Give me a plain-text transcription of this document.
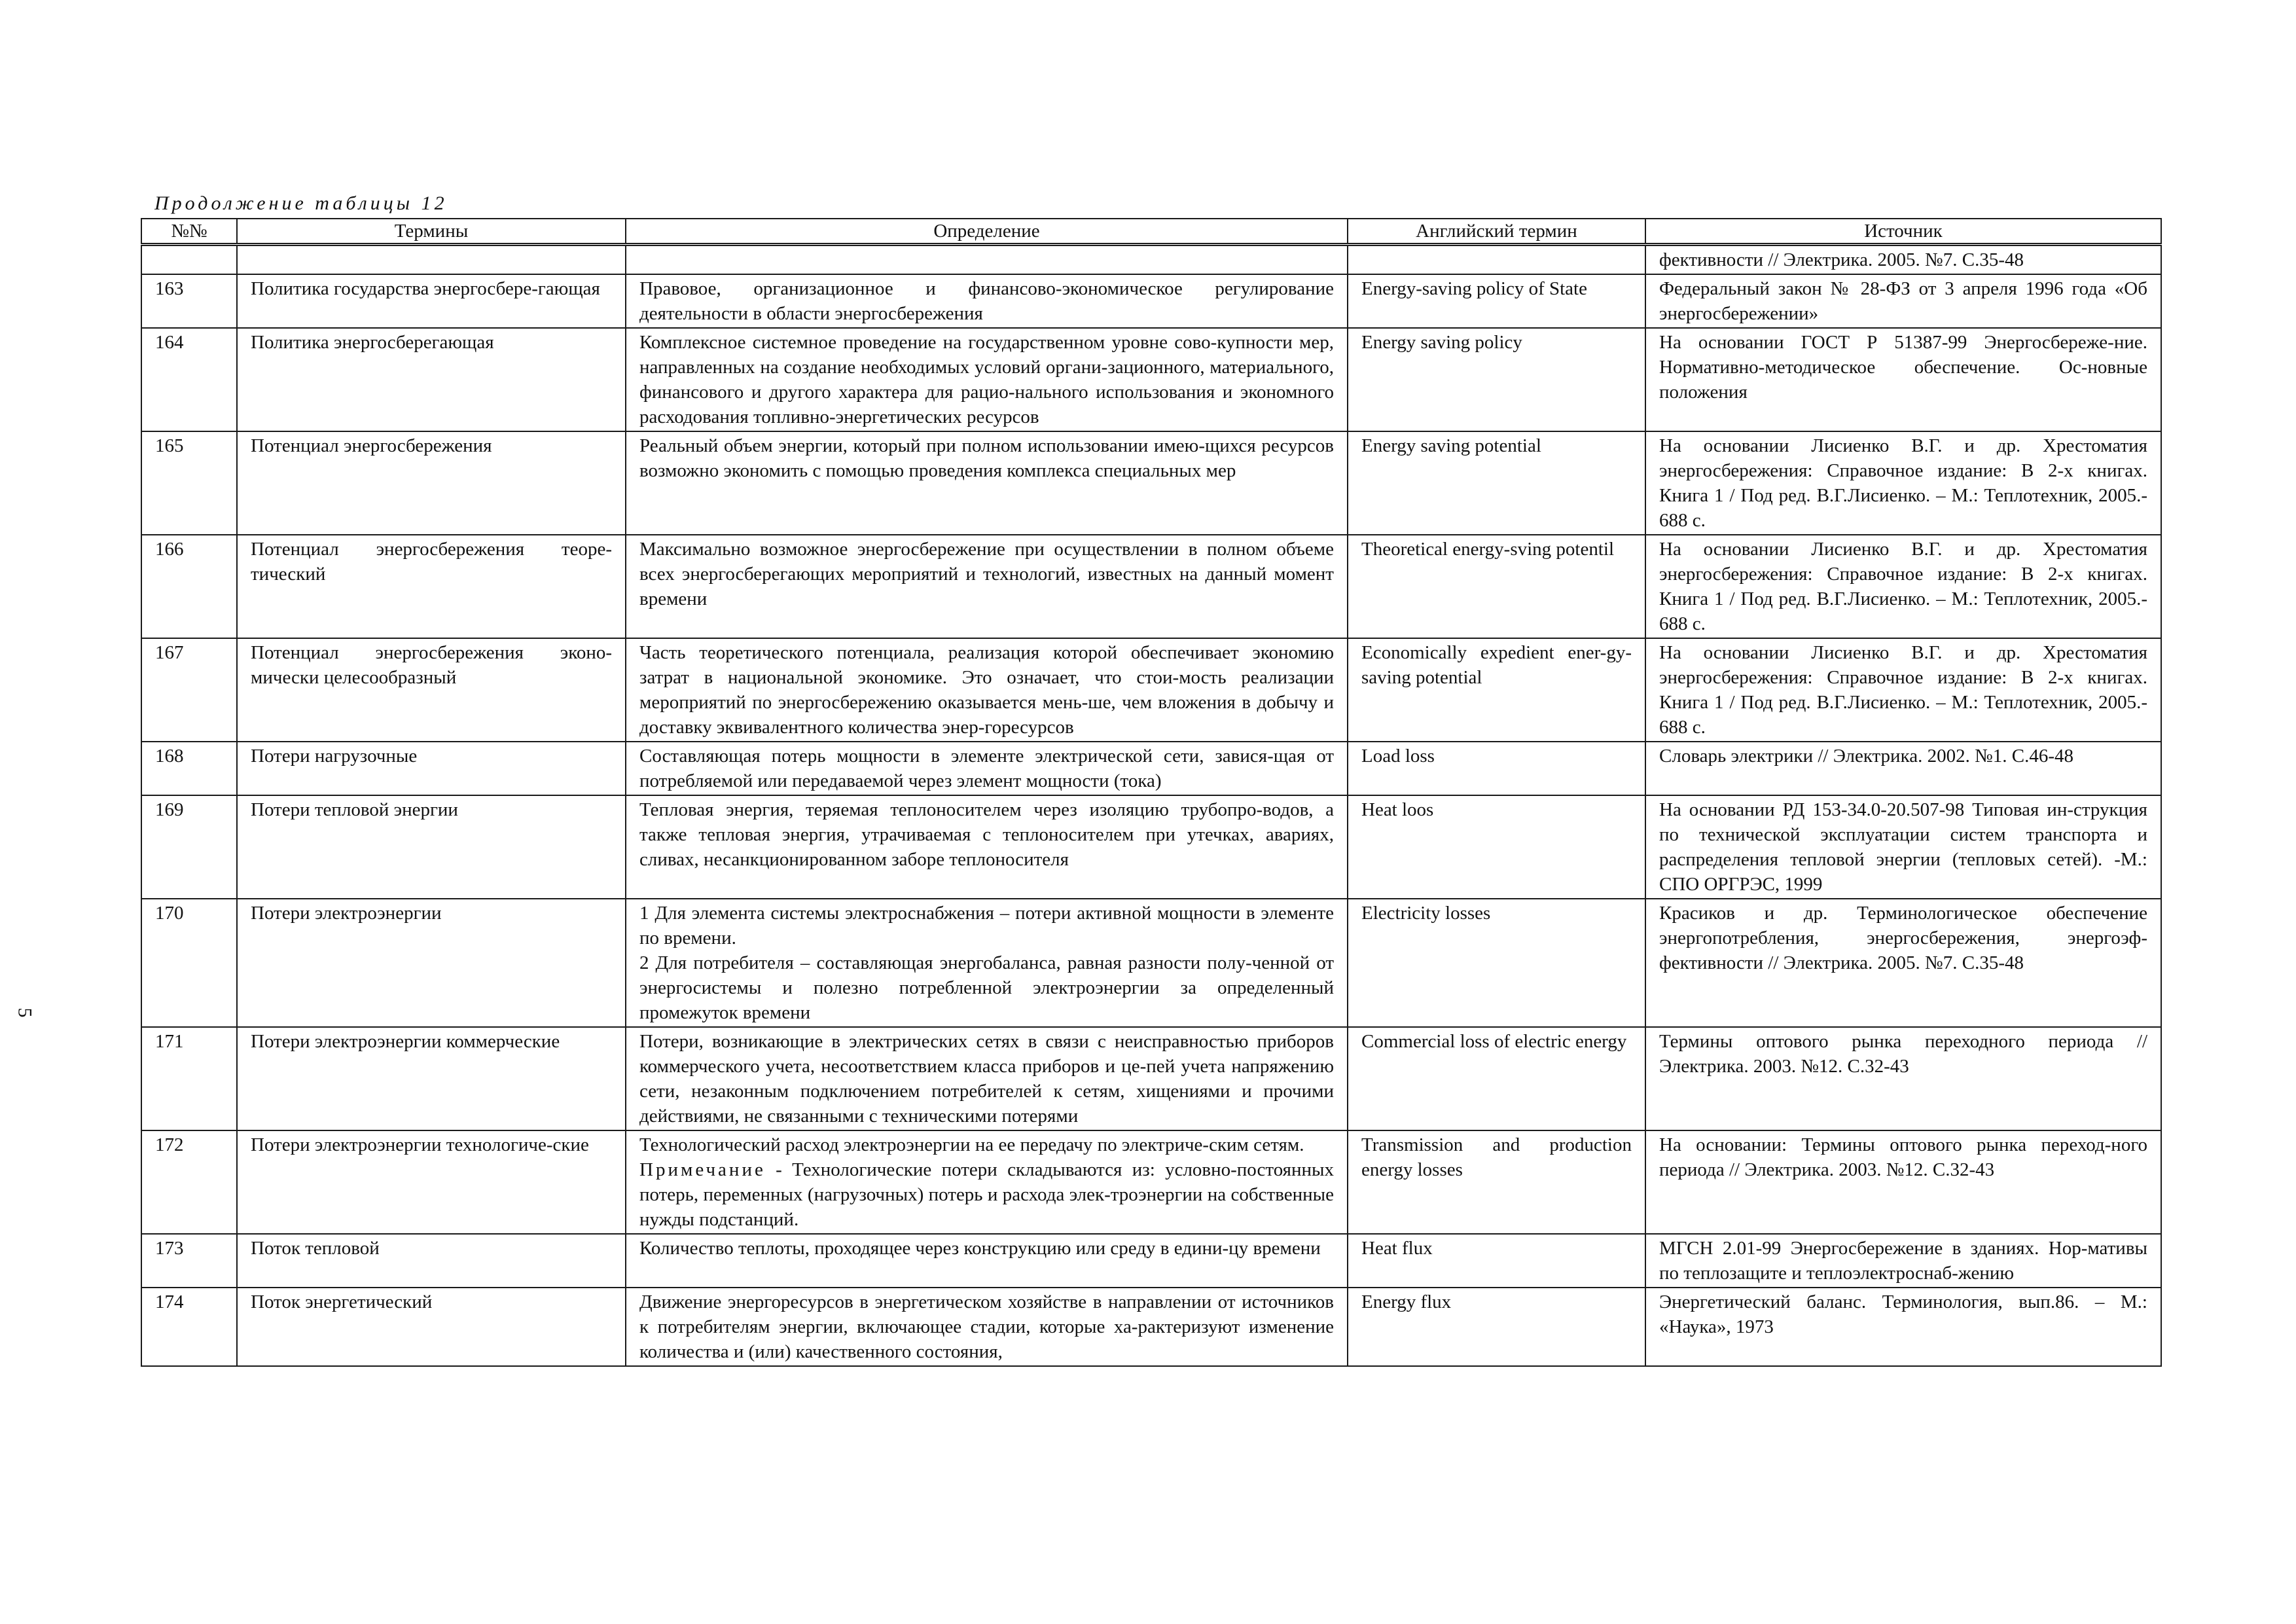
Продолжение таблицы 12
5
№№	Термины	Определение	Английский термин	Источник
				фективности // Электрика. 2005. №7. С.35-48
163	Политика государства энергосбере-гающая	Правовое, организационное и финансово-экономическое регулирование деятельности в области энергосбережения	Energy-saving policy of State	Федеральный закон № 28-ФЗ от 3 апреля 1996 года «Об энергосбережении»
164	Политика энергосберегающая	Комплексное системное проведение на государственном уровне сово-купности мер, направленных на создание необходимых условий органи-зационного, материального, финансового и другого характера для рацио-нального использования и экономного расходования топливно-энергетических ресурсов	Energy saving policy	На основании ГОСТ Р 51387-99 Энергосбереже-ние. Нормативно-методическое обеспечение. Ос-новные положения
165	Потенциал энергосбережения	Реальный объем энергии, который при полном использовании имею-щихся ресурсов возможно экономить с помощью проведения комплекса специальных мер	Energy saving potential	На основании Лисиенко В.Г. и др. Хрестоматия энергосбережения: Справочное издание: В 2-х книгах. Книга 1 / Под ред. В.Г.Лисиенко. – М.: Теплотехник, 2005.- 688 с.
166	Потенциал энергосбережения теоре-тический	Максимально возможное энергосбережение при осуществлении в полном объеме всех энергосберегающих мероприятий и технологий, известных на данный момент времени	Theoretical energy-sving potentil	На основании Лисиенко В.Г. и др. Хрестоматия энергосбережения: Справочное издание: В 2-х книгах. Книга 1 / Под ред. В.Г.Лисиенко. – М.: Теплотехник, 2005.- 688 с.
167	Потенциал энергосбережения эконо-мически целесообразный	Часть теоретического потенциала, реализация которой обеспечивает экономию затрат в национальной экономике. Это означает, что стои-мость реализации мероприятий по энергосбережению оказывается мень-ше, чем вложения в добычу и доставку эквивалентного количества энер-горесурсов	Economically expedient ener-gy-saving potential	На основании Лисиенко В.Г. и др. Хрестоматия энергосбережения: Справочное издание: В 2-х книгах. Книга 1 / Под ред. В.Г.Лисиенко. – М.: Теплотехник, 2005.- 688 с.
168	Потери нагрузочные	Составляющая потерь мощности в элементе электрической сети, завися-щая от потребляемой или передаваемой через элемент мощности (тока)	Load loss	Словарь электрики // Электрика. 2002. №1. С.46-48
169	Потери тепловой энергии	Тепловая энергия, теряемая теплоносителем через изоляцию трубопро-водов, а также тепловая энергия, утрачиваемая с теплоносителем при утечках, авариях, сливах, несанкционированном заборе теплоносителя	Heat loos	На основании РД 153-34.0-20.507-98 Типовая ин-струкция по технической эксплуатации систем транспорта и распределения тепловой энергии (тепловых сетей). -М.: СПО ОРГРЭС, 1999
170	Потери электроэнергии	1 Для элемента системы электроснабжения – потери активной мощности в элементе по времени.
2 Для потребителя – составляющая энергобаланса, равная разности полу-ченной от энергосистемы и полезно потребленной электроэнергии за определенный промежуток времени	Electricity losses	Красиков и др. Терминологическое обеспечение энергопотребления, энергосбережения, энергоэф-фективности // Электрика. 2005. №7. С.35-48
171	Потери электроэнергии коммерческие	Потери, возникающие в электрических сетях в связи с неисправностью приборов коммерческого учета, несоответствием класса приборов и це-пей учета напряжению сети, незаконным подключением потребителей к сетям, хищениями и прочими действиями, не связанными с техническими потерями	Commercial loss of electric energy	Термины оптового рынка переходного периода // Электрика. 2003. №12. С.32-43
172	Потери электроэнергии технологиче-ские	Технологический расход электроэнергии на ее передачу по электриче-ским сетям.
Примечание - Технологические потери складываются из: условно-постоянных потерь, переменных (нагрузочных) потерь и расхода элек-троэнергии на собственные нужды подстанций.	Transmission and production energy losses	На основании: Термины оптового рынка переход-ного периода // Электрика. 2003. №12. С.32-43
173	Поток тепловой	Количество теплоты, проходящее через конструкцию или среду в едини-цу времени	Heat flux	МГСН 2.01-99 Энергосбережение в зданиях. Нор-мативы по теплозащите и теплоэлектроснаб-жению
174	Поток энергетический	Движение энергоресурсов в энергетическом хозяйстве в направлении от источников к потребителям энергии, включающее стадии, которые ха-рактеризуют изменение количества и (или) качественного состояния,	Energy flux	Энергетический баланс. Терминология, вып.86. – М.: «Наука», 1973
